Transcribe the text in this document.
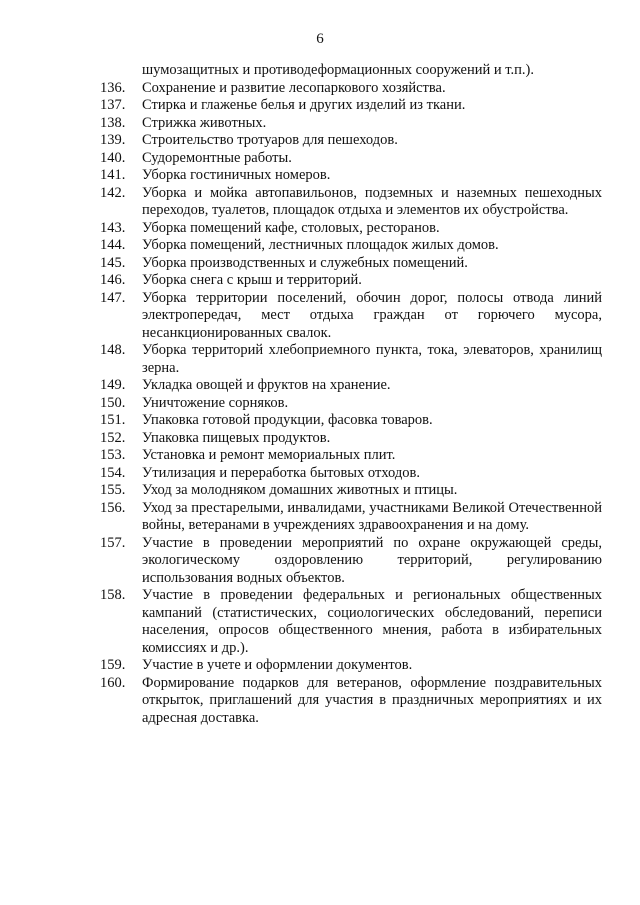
6

шумозащитных и противодеформационных сооружений и т.п.).

136.	Сохранение и развитие лесопаркового хозяйства.
137.	Стирка и глаженье белья и других изделий из ткани.
138.	Стрижка животных.
139.	Строительство тротуаров для пешеходов.
140.	Судоремонтные работы.
141.	Уборка гостиничных номеров.
142.	Уборка и мойка автопавильонов, подземных и наземных пешеходных переходов, туалетов, площадок отдыха и элементов их обустройства.
143.	Уборка помещений кафе, столовых, ресторанов.
144.	Уборка помещений, лестничных площадок жилых домов.
145.	Уборка производственных и служебных помещений.
146.	Уборка снега с крыш и территорий.
147.	Уборка территории поселений, обочин дорог, полосы отвода линий электропередач, мест отдыха граждан от горючего мусора, несанкционированных свалок.
148.	Уборка территорий хлебоприемного пункта, тока, элеваторов, хранилищ зерна.
149.	Укладка овощей и фруктов на хранение.
150.	Уничтожение сорняков.
151.	Упаковка готовой продукции, фасовка товаров.
152.	Упаковка пищевых продуктов.
153.	Установка и ремонт мемориальных плит.
154.	Утилизация и переработка бытовых отходов.
155.	Уход за молодняком домашних животных и птицы.
156.	Уход за престарелыми, инвалидами, участниками Великой Отечественной войны, ветеранами в учреждениях здравоохранения и на дому.
157.	Участие в проведении мероприятий по охране окружающей среды, экологическому оздоровлению территорий, регулированию использования водных объектов.
158.	Участие в проведении федеральных и региональных общественных кампаний (статистических, социологических обследований, переписи населения, опросов общественного мнения, работа в избирательных комиссиях и др.).
159.	Участие в учете и оформлении документов.
160.	Формирование подарков для ветеранов, оформление поздравительных открыток, приглашений для участия в праздничных мероприятиях и их адресная доставка.
